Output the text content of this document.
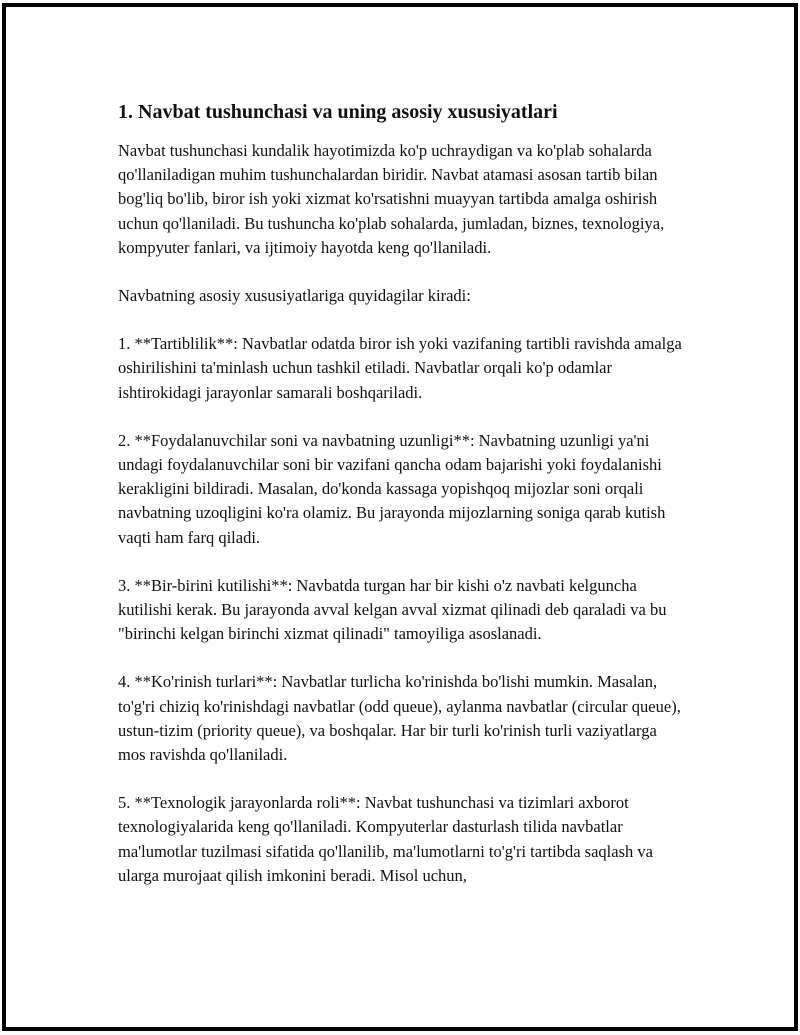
1. Navbat tushunchasi va uning asosiy xususiyatlari

Navbat tushunchasi kundalik hayotimizda ko'p uchraydigan va ko'plab sohalarda qo'llaniladigan muhim tushunchalardan biridir. Navbat atamasi asosan tartib bilan bog'liq bo'lib, biror ish yoki xizmat ko'rsatishni muayyan tartibda amalga oshirish uchun qo'llaniladi. Bu tushuncha ko'plab sohalarda, jumladan, biznes, texnologiya, kompyuter fanlari, va ijtimoiy hayotda keng qo'llaniladi.

Navbatning asosiy xususiyatlariga quyidagilar kiradi:

1. **Tartiblilik**: Navbatlar odatda biror ish yoki vazifaning tartibli ravishda amalga oshirilishini ta'minlash uchun tashkil etiladi. Navbatlar orqali ko'p odamlar ishtirokidagi jarayonlar samarali boshqariladi.

2. **Foydalanuvchilar soni va navbatning uzunligi**: Navbatning uzunligi ya'ni undagi foydalanuvchilar soni bir vazifani qancha odam bajarishi yoki foydalanishi kerakligini bildiradi. Masalan, do'konda kassaga yopishqoq mijozlar soni orqali navbatning uzoqligini ko'ra olamiz. Bu jarayonda mijozlarning soniga qarab kutish vaqti ham farq qiladi.

3. **Bir-birini kutilishi**: Navbatda turgan har bir kishi o'z navbati kelguncha kutilishi kerak. Bu jarayonda avval kelgan avval xizmat qilinadi deb qaraladi va bu "birinchi kelgan birinchi xizmat qilinadi" tamoyiliga asoslanadi.

4. **Ko'rinish turlari**: Navbatlar turlicha ko'rinishda bo'lishi mumkin. Masalan, to'g'ri chiziq ko'rinishdagi navbatlar (odd queue), aylanma navbatlar (circular queue), ustun-tizim (priority queue), va boshqalar. Har bir turli ko'rinish turli vaziyatlarga mos ravishda qo'llaniladi.

5. **Texnologik jarayonlarda roli**: Navbat tushunchasi va tizimlari axborot texnologiyalarida keng qo'llaniladi. Kompyuterlar dasturlash tilida navbatlar ma'lumotlar tuzilmasi sifatida qo'llanilib, ma'lumotlarni to'g'ri tartibda saqlash va ularga murojaat qilish imkonini beradi. Misol uchun,
